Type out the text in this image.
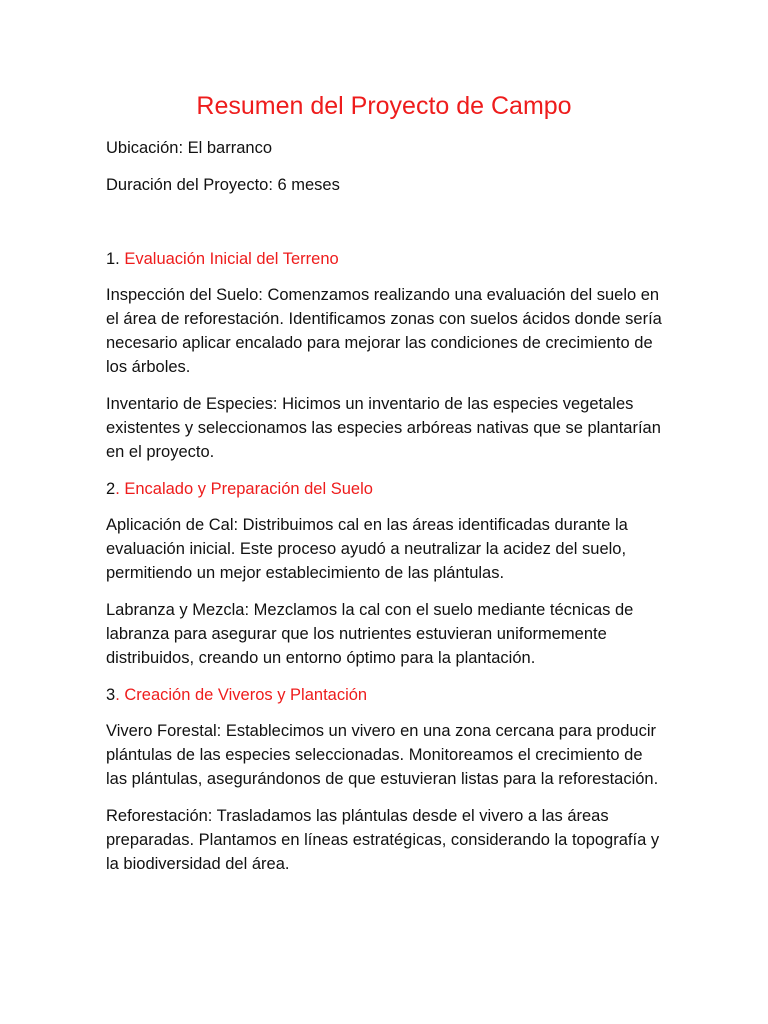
Resumen del Proyecto de Campo

Ubicación: El barranco

Duración del Proyecto: 6 meses

1. Evaluación Inicial del Terreno

Inspección del Suelo: Comenzamos realizando una evaluación del suelo en el área de reforestación. Identificamos zonas con suelos ácidos donde sería necesario aplicar encalado para mejorar las condiciones de crecimiento de los árboles.

Inventario de Especies: Hicimos un inventario de las especies vegetales existentes y seleccionamos las especies arbóreas nativas que se plantarían en el proyecto.

2. Encalado y Preparación del Suelo

Aplicación de Cal: Distribuimos cal en las áreas identificadas durante la evaluación inicial. Este proceso ayudó a neutralizar la acidez del suelo, permitiendo un mejor establecimiento de las plántulas.

Labranza y Mezcla: Mezclamos la cal con el suelo mediante técnicas de labranza para asegurar que los nutrientes estuvieran uniformemente distribuidos, creando un entorno óptimo para la plantación.

3. Creación de Viveros y Plantación

Vivero Forestal: Establecimos un vivero en una zona cercana para producir plántulas de las especies seleccionadas. Monitoreamos el crecimiento de las plántulas, asegurándonos de que estuvieran listas para la reforestación.

Reforestación: Trasladamos las plántulas desde el vivero a las áreas preparadas. Plantamos en líneas estratégicas, considerando la topografía y la biodiversidad del área.
